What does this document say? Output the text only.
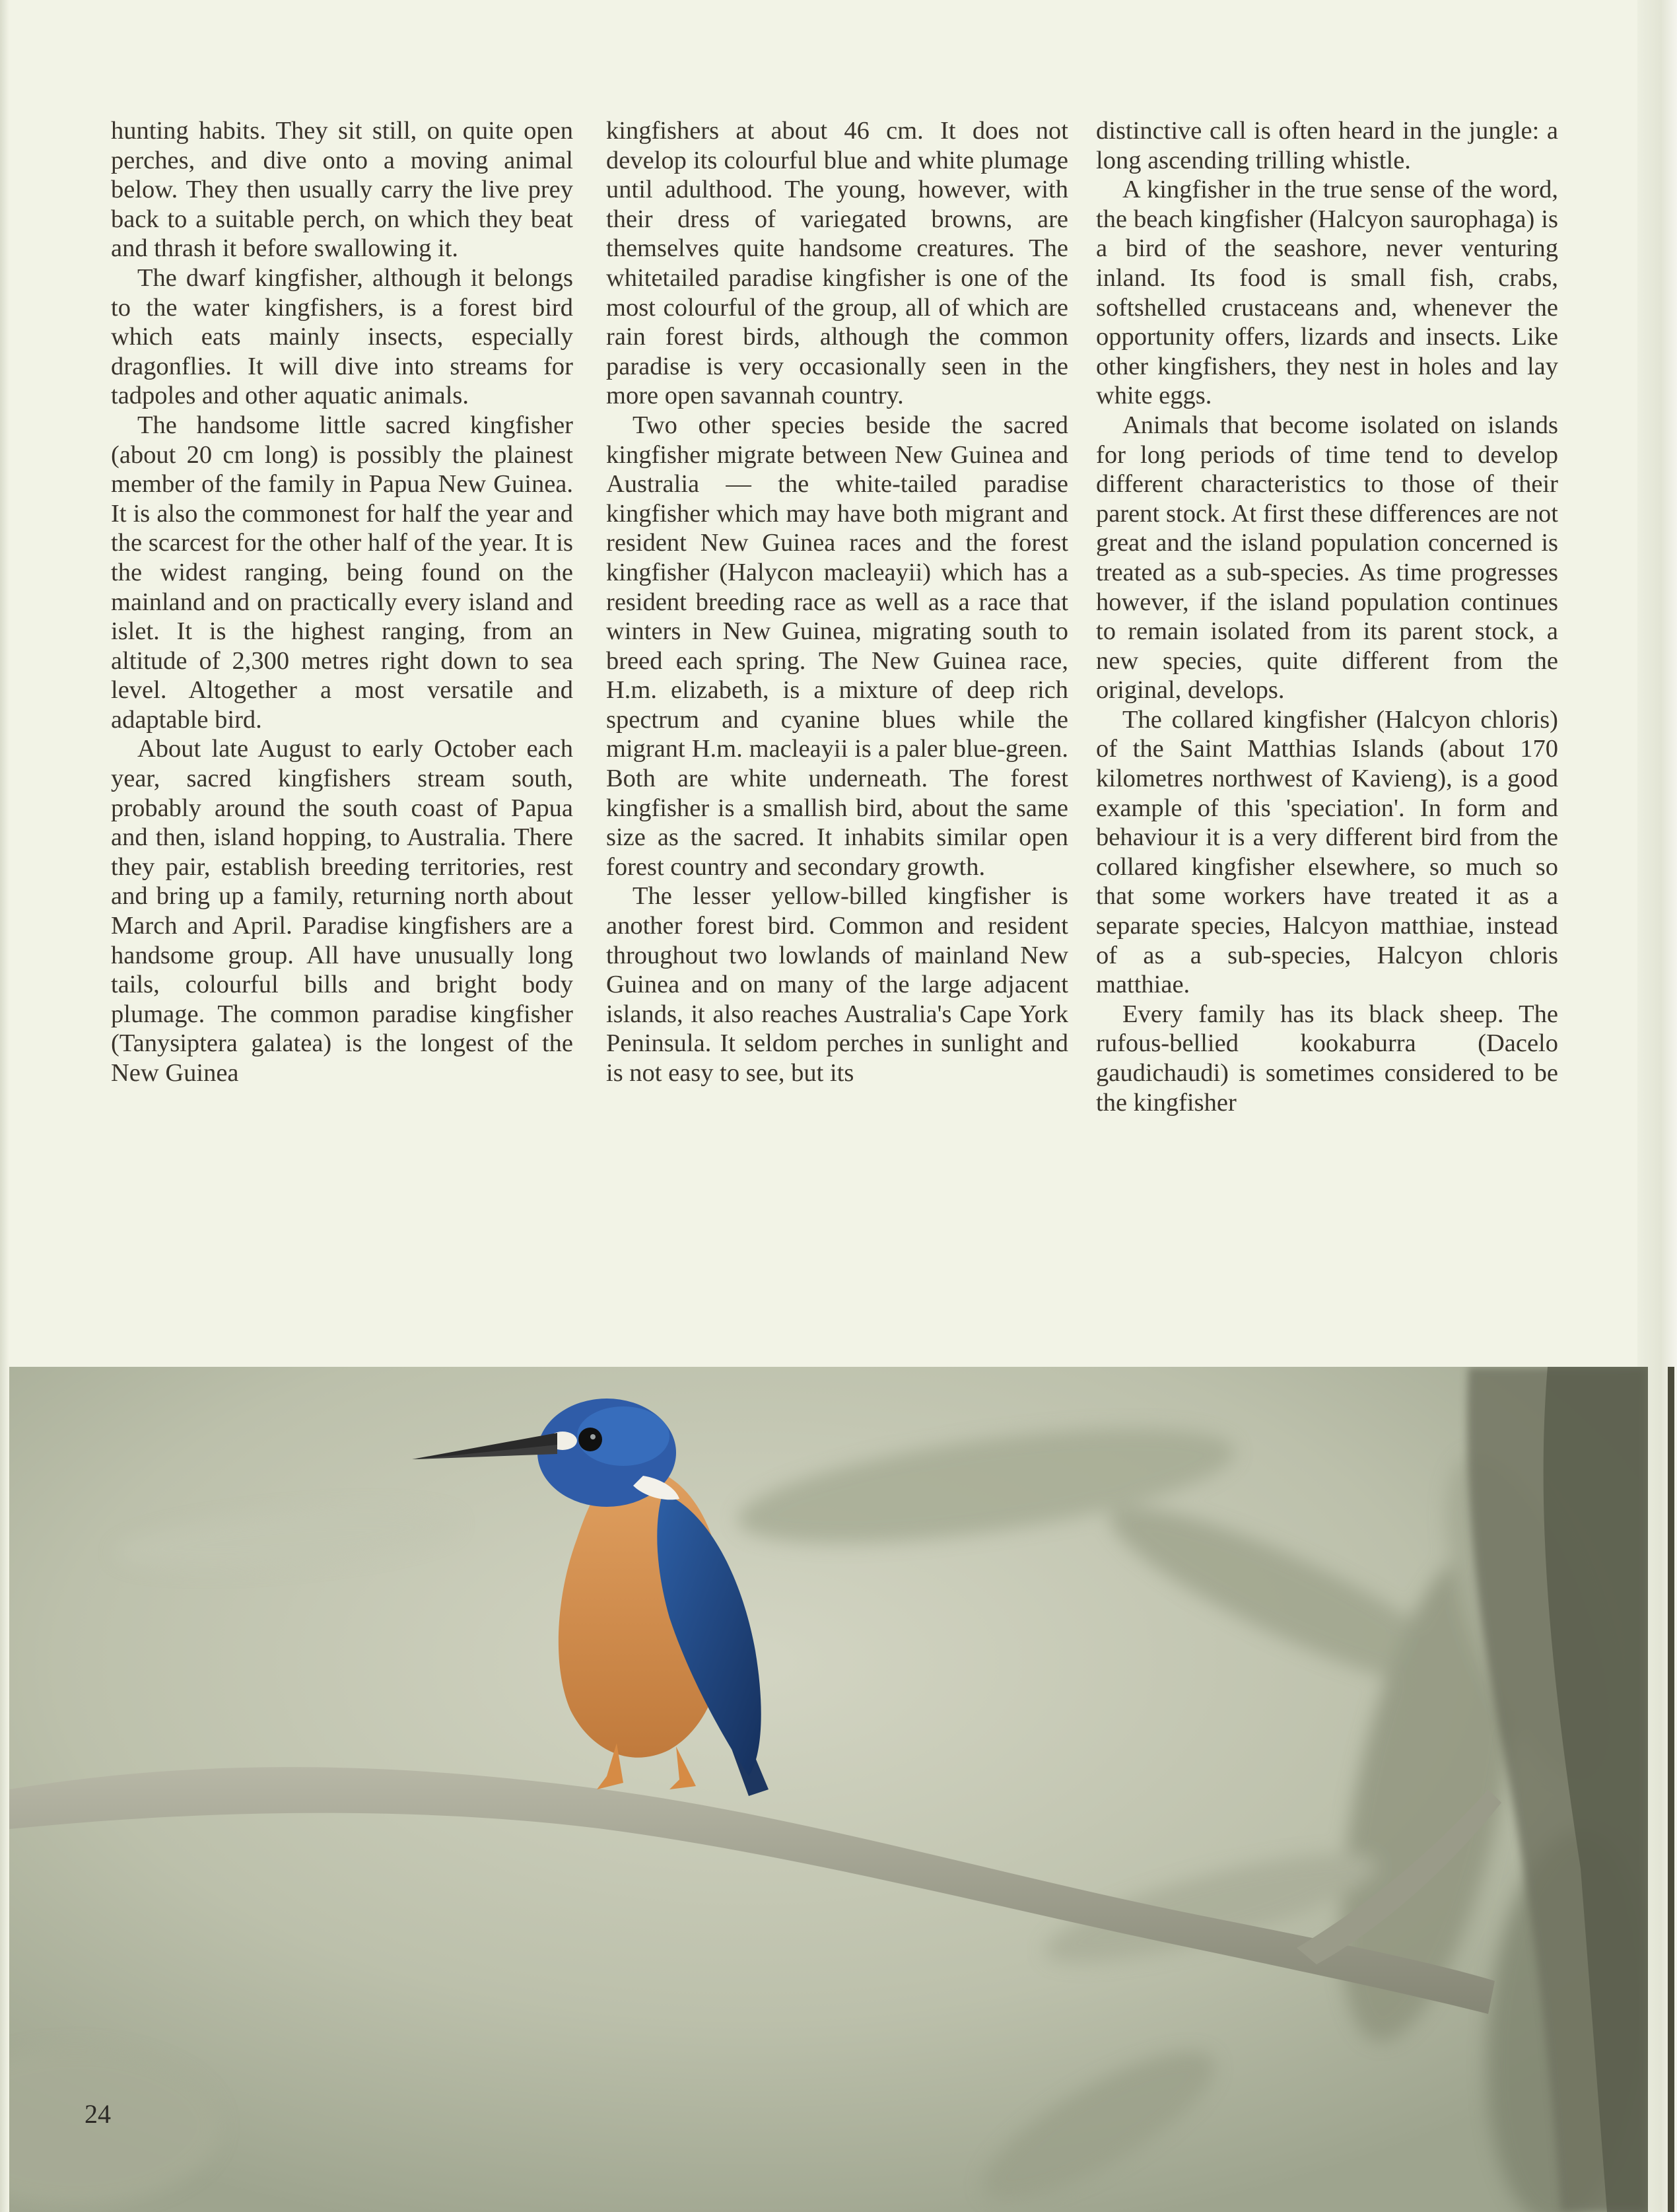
hunting habits. They sit still, on quite open perches, and dive onto a moving animal below. They then usually carry the live prey back to a suitable perch, on which they beat and thrash it before swallowing it.

The dwarf kingfisher, although it belongs to the water kingfishers, is a forest bird which eats mainly insects, especially dragonflies. It will dive into streams for tadpoles and other aquatic animals.

The handsome little sacred kingfisher (about 20 cm long) is possibly the plainest member of the family in Papua New Guinea. It is also the commonest for half the year and the scarcest for the other half of the year. It is the widest ranging, being found on the mainland and on practically every island and islet. It is the highest ranging, from an altitude of 2,300 metres right down to sea level. Altogether a most versatile and adaptable bird.

About late August to early October each year, sacred kingfishers stream south, probably around the south coast of Papua and then, island hopping, to Australia. There they pair, establish breeding territories, rest and bring up a family, returning north about March and April. Paradise kingfishers are a handsome group. All have unusually long tails, colourful bills and bright body plumage. The common paradise kingfisher (Tanysiptera galatea) is the longest of the New Guinea

kingfishers at about 46 cm. It does not develop its colourful blue and white plumage until adulthood. The young, however, with their dress of variegated browns, are themselves quite handsome creatures. The whitetailed paradise kingfisher is one of the most colourful of the group, all of which are rain forest birds, although the common paradise is very occasionally seen in the more open savannah country.

Two other species beside the sacred kingfisher migrate between New Guinea and Australia — the white-tailed paradise kingfisher which may have both migrant and resident New Guinea races and the forest kingfisher (Halycon macleayii) which has a resident breeding race as well as a race that winters in New Guinea, migrating south to breed each spring. The New Guinea race, H.m. elizabeth, is a mixture of deep rich spectrum and cyanine blues while the migrant H.m. macleayii is a paler blue-green. Both are white underneath. The forest kingfisher is a smallish bird, about the same size as the sacred. It inhabits similar open forest country and secondary growth.

The lesser yellow-billed kingfisher is another forest bird. Common and resident throughout two lowlands of mainland New Guinea and on many of the large adjacent islands, it also reaches Australia's Cape York Peninsula. It seldom perches in sunlight and is not easy to see, but its

distinctive call is often heard in the jungle: a long ascending trilling whistle.

A kingfisher in the true sense of the word, the beach kingfisher (Halcyon saurophaga) is a bird of the seashore, never venturing inland. Its food is small fish, crabs, softshelled crustaceans and, whenever the opportunity offers, lizards and insects. Like other kingfishers, they nest in holes and lay white eggs.

Animals that become isolated on islands for long periods of time tend to develop different characteristics to those of their parent stock. At first these differences are not great and the island population concerned is treated as a sub-species. As time progresses however, if the island population continues to remain isolated from its parent stock, a new species, quite different from the original, develops.

The collared kingfisher (Halcyon chloris) of the Saint Matthias Islands (about 170 kilometres northwest of Kavieng), is a good example of this 'speciation'. In form and behaviour it is a very different bird from the collared kingfisher elsewhere, so much so that some workers have treated it as a separate species, Halcyon matthiae, instead of as a sub-species, Halcyon chloris matthiae.

Every family has its black sheep. The rufous-bellied kookaburra (Dacelo gaudichaudi) is sometimes considered to be the kingfisher

24
